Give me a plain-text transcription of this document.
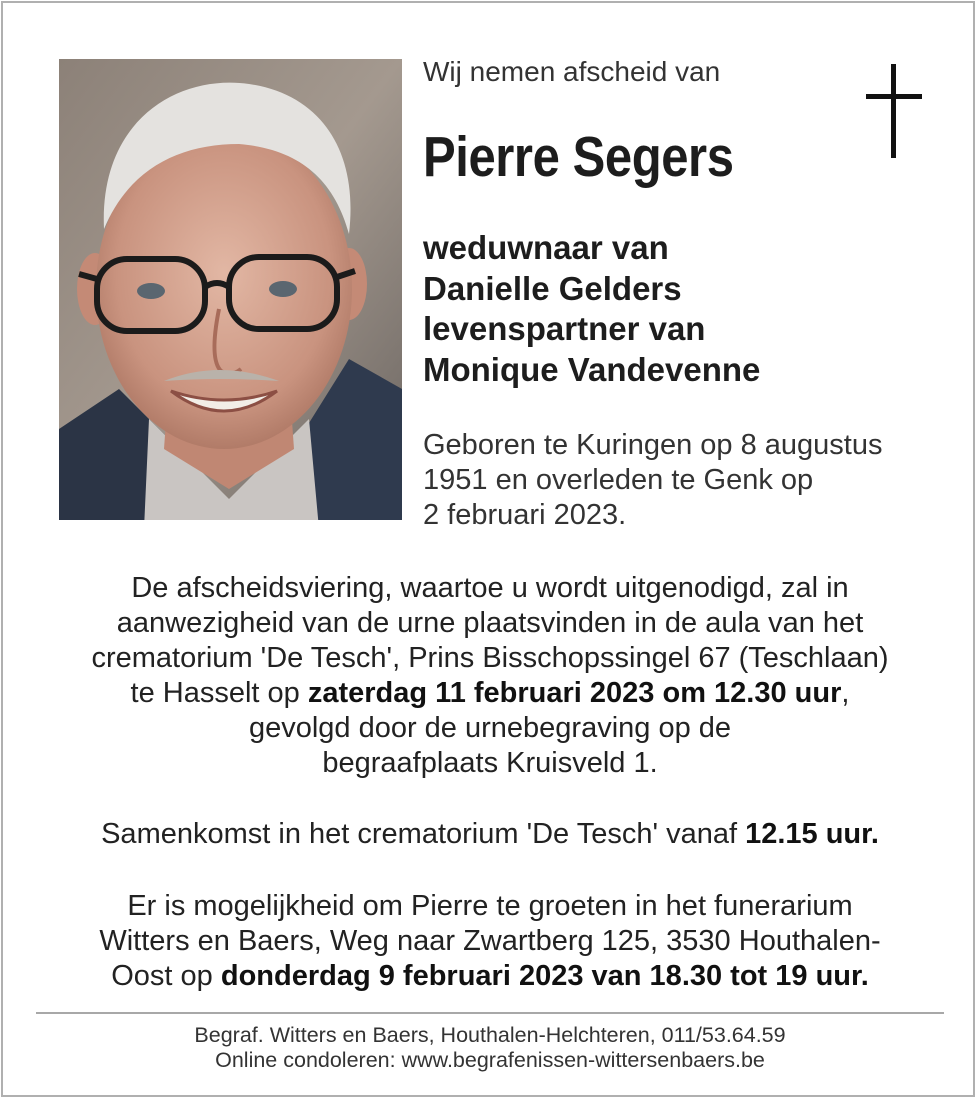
Wij nemen afscheid van
Pierre Segers
weduwnaar van
Danielle Gelders
levenspartner van
Monique Vandevenne
Geboren te Kuringen op 8 augustus
1951 en overleden te Genk op
2 februari 2023.
De afscheidsviering, waartoe u wordt uitgenodigd, zal in
aanwezigheid van de urne plaatsvinden in de aula van het
crematorium 'De Tesch', Prins Bisschopssingel 67 (Teschlaan)
te Hasselt op zaterdag 11 februari 2023 om 12.30 uur,
gevolgd door de urnebegraving op de
begraafplaats Kruisveld 1.
Samenkomst in het crematorium 'De Tesch' vanaf 12.15 uur.
Er is mogelijkheid om Pierre te groeten in het funerarium
Witters en Baers, Weg naar Zwartberg 125, 3530 Houthalen-
Oost op donderdag 9 februari 2023 van 18.30 tot 19 uur.
Begraf. Witters en Baers, Houthalen-Helchteren, 011/53.64.59
Online condoleren: www.begrafenissen-wittersenbaers.be
